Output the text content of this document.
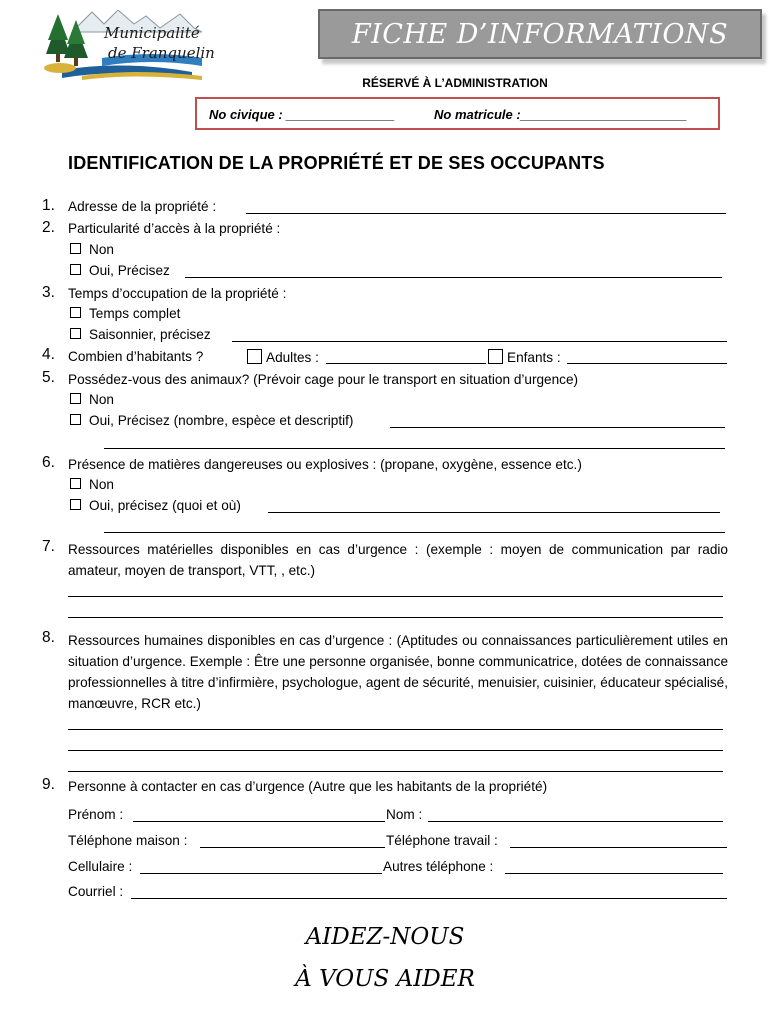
Municipalité
de Franquelin
FICHE D’INFORMATIONS
RÉSERVÉ À L’ADMINISTRATION
No civique : _______________	No matricule :_______________________
IDENTIFICATION DE LA PROPRIÉTÉ ET DE SES OCCUPANTS
1. Adresse de la propriété :
2. Particularité d’accès à la propriété :
Non
Oui, Précisez
3. Temps d’occupation de la propriété :
Temps complet
Saisonnier, précisez
4. Combien d’habitants ?	Adultes :	Enfants :
5. Possédez-vous des animaux? (Prévoir cage pour le transport en situation d’urgence)
Non
Oui, Précisez (nombre, espèce et descriptif)
6. Présence de matières dangereuses ou explosives : (propane, oxygène, essence etc.)
Non
Oui, précisez (quoi et où)
7. Ressources matérielles disponibles en cas d’urgence : (exemple : moyen de communication par radio amateur, moyen de transport, VTT, , etc.)
8. Ressources humaines disponibles en cas d’urgence : (Aptitudes ou connaissances particulièrement utiles en situation d’urgence. Exemple : Être une personne organisée, bonne communicatrice, dotées de connaissance professionnelles à titre d’infirmière, psychologue, agent de sécurité, menuisier, cuisinier, éducateur spécialisé, manœuvre, RCR etc.)
9. Personne à contacter en cas d’urgence (Autre que les habitants de la propriété)
Prénom :	Nom :
Téléphone maison :	Téléphone travail :
Cellulaire :	Autres téléphone :
Courriel :
AIDEZ-NOUS
À VOUS AIDER
